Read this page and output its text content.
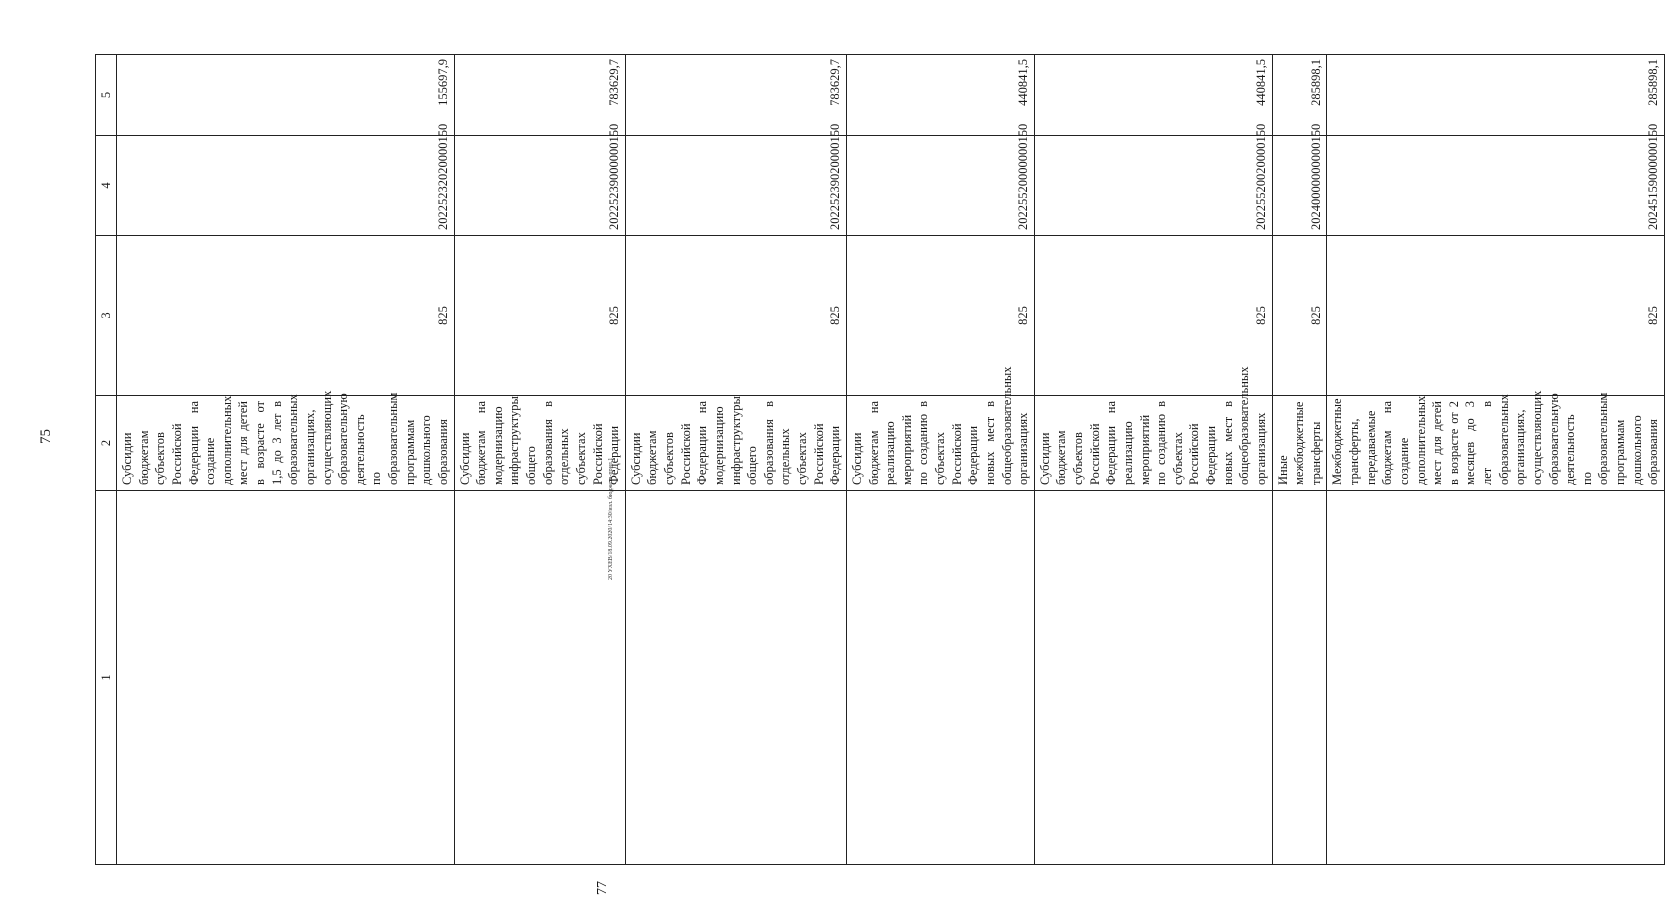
75
20 УХЕВ/18.09.2020/14:30/изл. бюджета-прил.1
77
1	2	3	4	5
	Субсидии бюджетам субъектов Российской Федерации на создание дополнительных мест для детей в возрасте от 1,5 до 3 лет в образовательных организациях, осуществляющих образовательную деятельность по образовательным программам дошкольного образования	825	20225232020000150	155697,9
	Субсидии бюджетам на модернизацию инфраструктуры общего образования в отдельных субъектах Российской Федерации	825	20225239000000150	783629,7
	Субсидии бюджетам субъектов Российской Федерации на модернизацию инфраструктуры общего образования в отдельных субъектах Российской Федерации	825	20225239020000150	783629,7
	Субсидии бюджетам на реализацию мероприятий по созданию в субъектах Российской Федерации новых мест в общеобразовательных организациях	825	20225520000000150	440841,5
	Субсидии бюджетам субъектов Российской Федерации на реализацию мероприятий по созданию в субъектах Российской Федерации новых мест в общеобразовательных организациях	825	20225520020000150	440841,5
	Иные межбюджетные трансферты	825	20240000000000150	285898,1
	Межбюджетные трансферты, передаваемые бюджетам на создание дополнительных мест для детей в возрасте от 2 месяцев до 3 лет в образовательных организациях, осуществляющих образовательную деятельность по образовательным программам дошкольного образования	825	20245159000000150	285898,1
